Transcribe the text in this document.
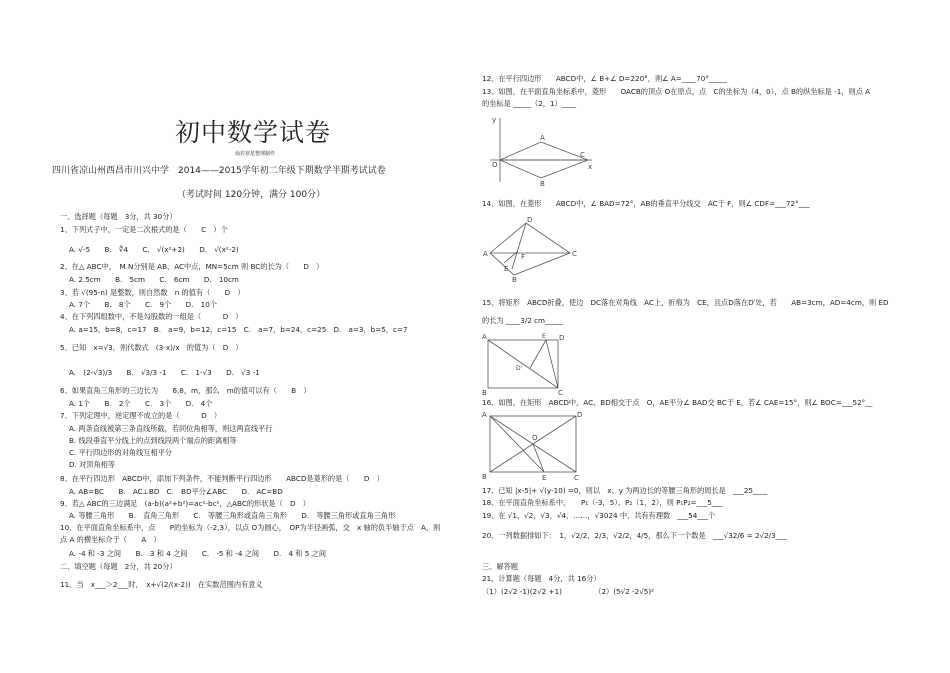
初中数学试卷
灿若寒星整理制作
四川省凉山州西昌市川兴中学　2014——2015学年初二年级下期数学半期考试试卷
（考试时间 120分钟，满分 100分）
一、选择题（每题　3分，共 30分）
1、下列式子中，一定是二次根式的是（　　C　）个
A. √-5　　B.　∜4　　C.　√(x²+2)　　D.　√(x²-2)
2、在△ ABC中，　M N分别是 AB、AC中点，MN=5cm 则 BC的长为（　　D　）
A. 2.5cm　　B.　5cm　　C.　6cm　　D.　10cm
3、若 √(95-n) 是整数，则自然数　n 的值有（　　D　）
A. 7个　　B.　8个　　C.　9个　　D.　10个
4、在下列四组数中，不是勾股数的一组是（　　　D　）
A. a=15，b=8，c=17　B.　a=9，b=12，c=15　C.　a=7，b=24，c=25　D.　a=3，b=5，c=7
5、已知　x=√3，则代数式　(3-x)/x　的值为（　D　）
A.　(2-√3)/3　　B.　√3/3 -1　　C.　1-√3　　D.　√3 -1
6、如果直角三角形的三边长为　　6,8，m，那么　m的值可以有（　　B　）
A. 1个　　B.　2个　　C.　3个　　D.　4个
7、下列定理中，逆定理不成立的是（　　　D　）
A. 两条直线被第三条直线所截，若同位角相等，则这两直线平行
B. 线段垂直平分线上的点到线段两个端点的距离相等
C. 平行四边形的对角线互相平分
D. 对顶角相等
8、在平行四边形　ABCD中，添加下列条件，不能判断平行四边形　　ABCD是菱形的是（　　D　）
A. AB=BC　　B.　AC⊥BD　C.　BD平分∠ABC　　D.　AC=BD
9、若△ ABC的三边满足　(a-b)(a²+b²)=ac²-bc²，△ABC的形状是（　D　）
A. 等腰三角形　　B.　直角三角形　　C.　等腰三角形或直角三角形　　D.　等腰三角形或直角三角形
10、在平面直角坐标系中，点　　P的坐标为（-2,3），以点 O为圆心，　OP为半径画弧，交　x 轴的负半轴于点　A，则
点 A 的横坐标介于（　　A　）
A. -4 和 -3 之间　　B.　3 和 4 之间　　C.　-5 和 -4 之间　　D.　4 和 5 之间
二、填空题（每题　2分，共 20分）
11、当　x___＞2___时，　x+√(2/(x-2))　在实数范围内有意义
12、在平行四边形　　ABCD中，∠ B+∠ D=220°，则∠ A=____70°_____
13、如图，在平面直角坐标系中，菱形　　OACB的顶点 O在原点，点　C的坐标为（4，0），点 B的纵坐标是 -1，则点 A
的坐标是 _____（2，1）____
y
A
O
C
x
B
14、如图，在菱形　　ABCD中，∠ BAD=72°，AB的垂直平分线交　AC于 F，则∠ CDF=___72°___
D
A	F	C
E
B
15、将矩形　ABCD折叠，使边　DC落在对角线　AC上，折痕为　CE，且点D落在D′处，若　　AB=3cm，AD=4cm，则 ED
的长为 ____3/2 cm_____
A	D
D'
E
B	C
16、如图，在矩形　ABCD中，AC、BD相交于点　O，AE平分∠ BAD交 BC于 E，若∠ CAE=15°，则∠ BOC=___52°__
A	D
O
B	E	C
17、已知 |x-5|+ √(y-10) =0，则以　x、y 为两边长的等腰三角形的周长是　___25____
18、在平面直角坐标系中，　　P₁（-3，5）、P₂（1，2），则 P₁P₂=___5___
19、在 √1，√2，√3，√4，……，√3024 中，共有有理数　___54___个
20、一列数据排如下：　1，√2/2，2/3，√2/2，4/5，那么下一个数是　___√32/6 = 2√2/3___
三、解答题
21、计算题（每题　4分，共 16分）
（1）(2√2 -1)(2√2 +1)　　　　　（2）(5√2 -2√5)²
